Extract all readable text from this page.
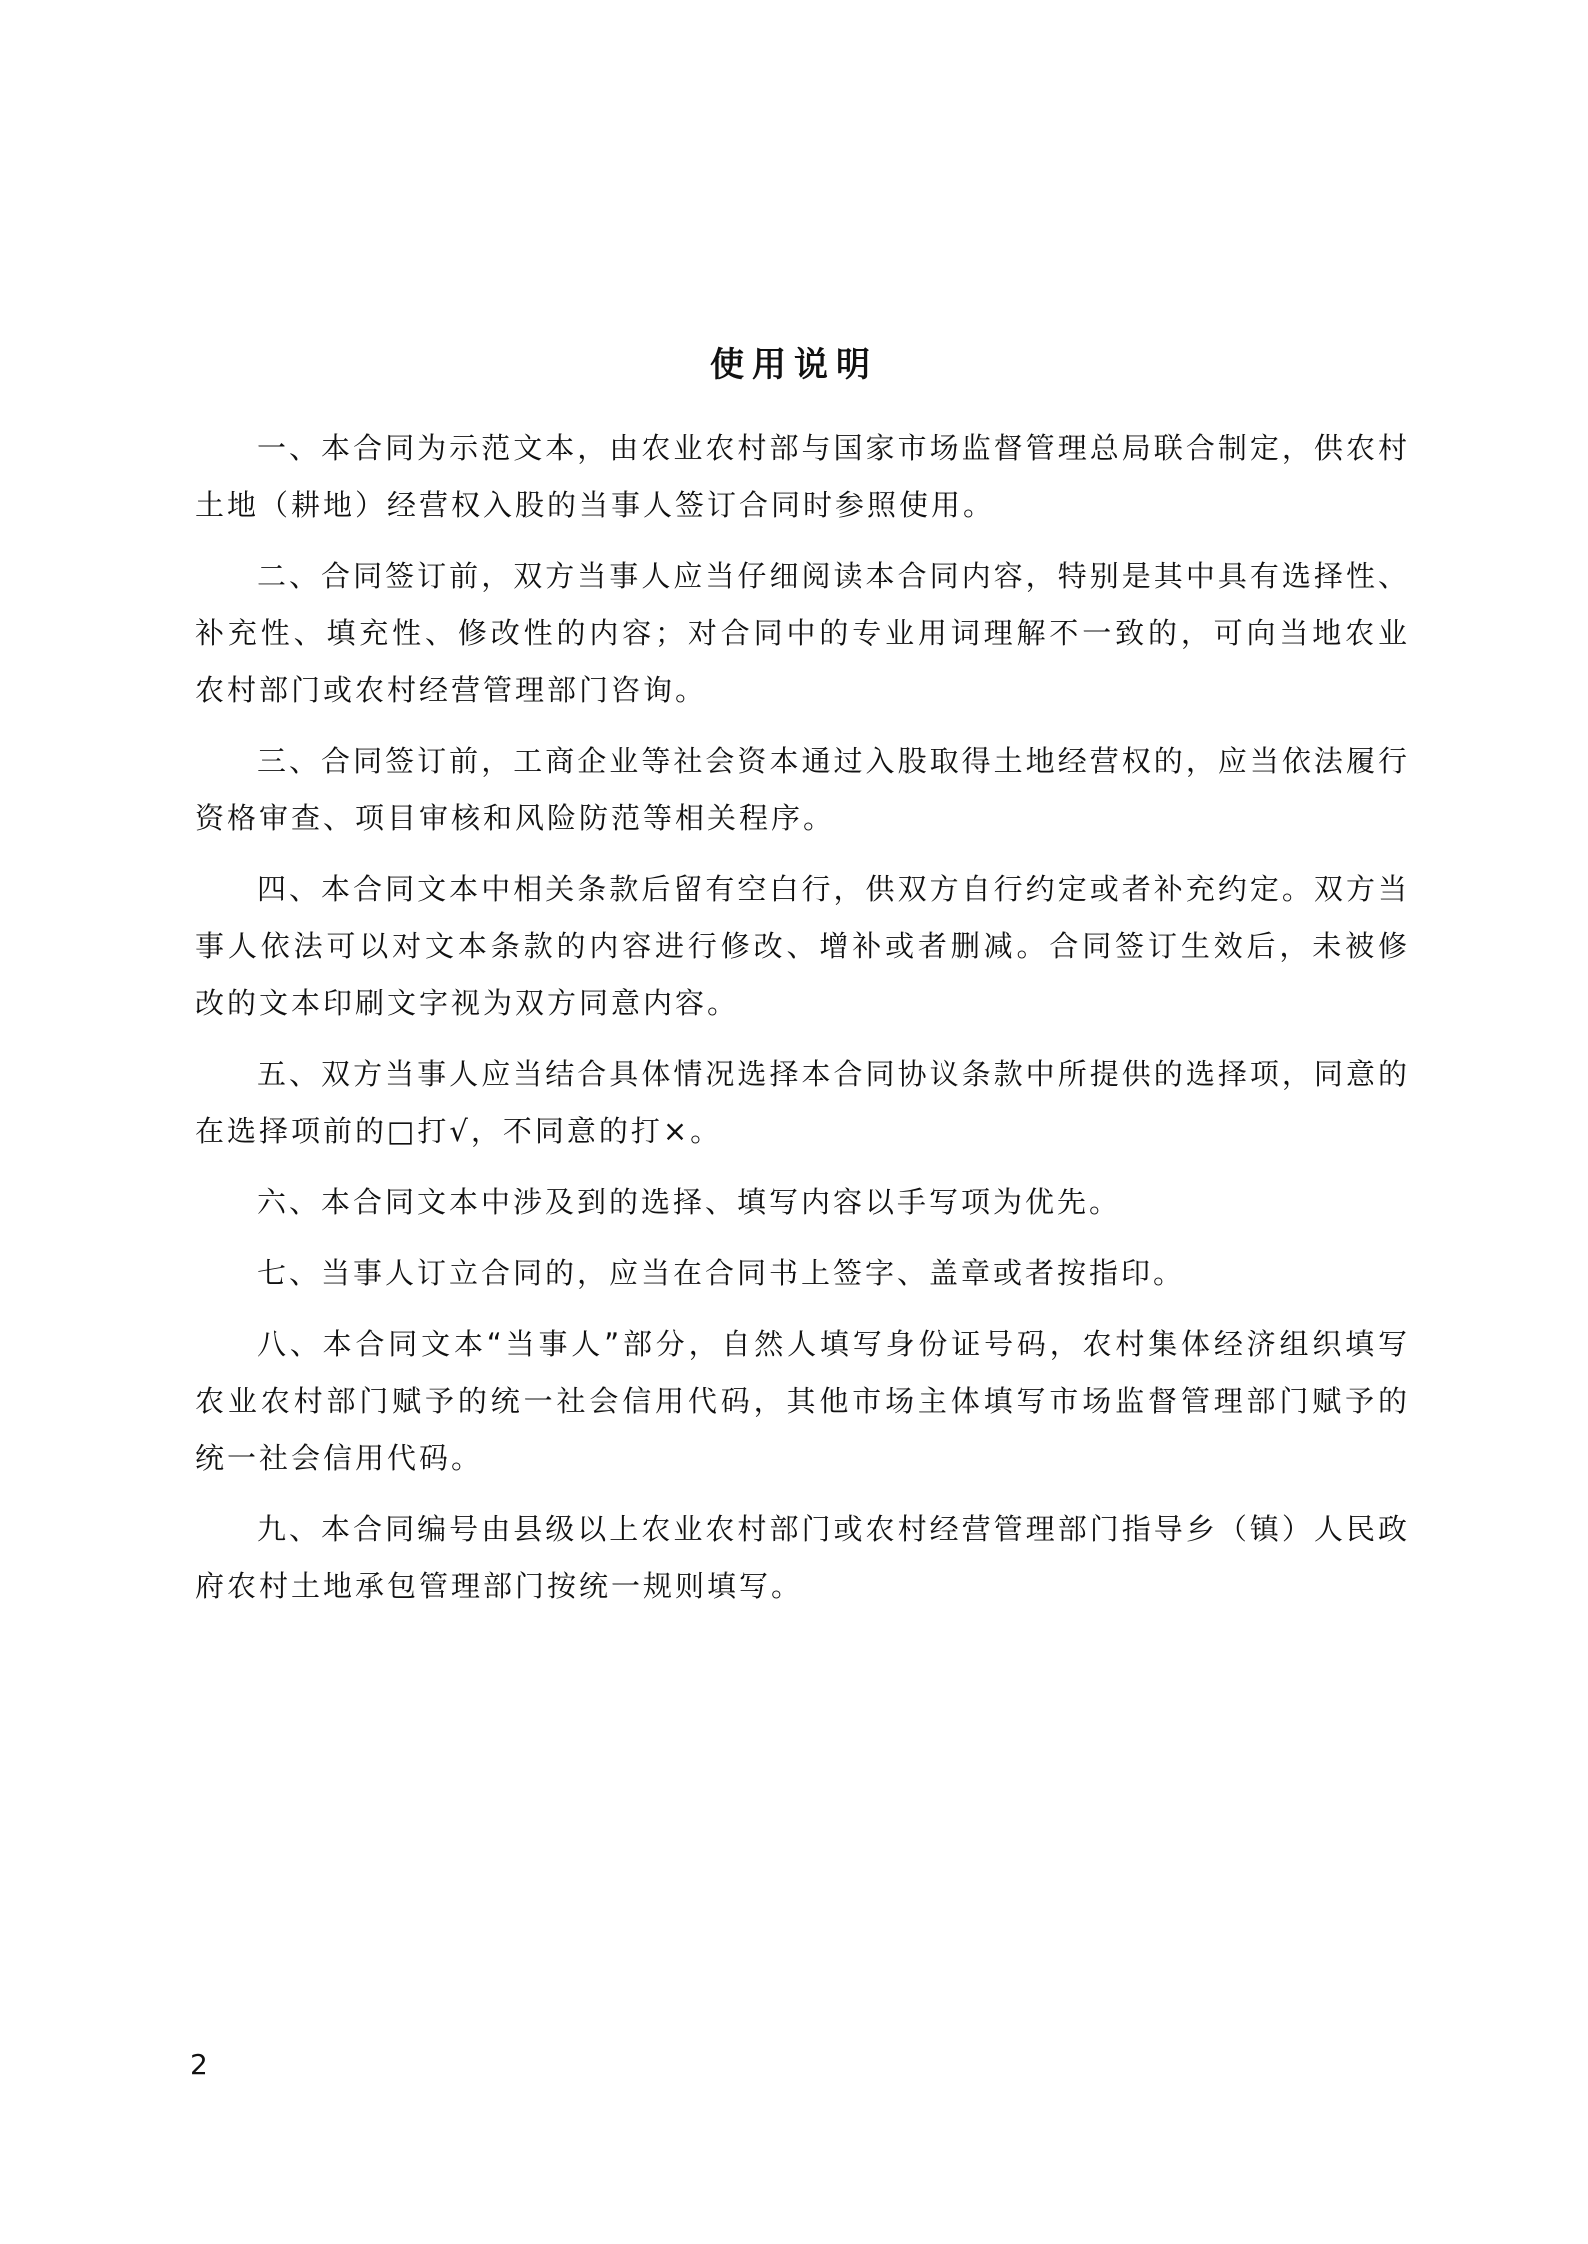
使用说明

一、本合同为示范文本，由农业农村部与国家市场监督管理总局联合制定，供农村土地（耕地）经营权入股的当事人签订合同时参照使用。

二、合同签订前，双方当事人应当仔细阅读本合同内容，特别是其中具有选择性、补充性、填充性、修改性的内容；对合同中的专业用词理解不一致的，可向当地农业农村部门或农村经营管理部门咨询。

三、合同签订前，工商企业等社会资本通过入股取得土地经营权的，应当依法履行资格审查、项目审核和风险防范等相关程序。

四、本合同文本中相关条款后留有空白行，供双方自行约定或者补充约定。双方当事人依法可以对文本条款的内容进行修改、增补或者删减。合同签订生效后，未被修改的文本印刷文字视为双方同意内容。

五、双方当事人应当结合具体情况选择本合同协议条款中所提供的选择项，同意的在选择项前的□打√，不同意的打×。

六、本合同文本中涉及到的选择、填写内容以手写项为优先。

七、当事人订立合同的，应当在合同书上签字、盖章或者按指印。

八、本合同文本“当事人”部分，自然人填写身份证号码，农村集体经济组织填写农业农村部门赋予的统一社会信用代码，其他市场主体填写市场监督管理部门赋予的统一社会信用代码。

九、本合同编号由县级以上农业农村部门或农村经营管理部门指导乡（镇）人民政府农村土地承包管理部门按统一规则填写。

2
